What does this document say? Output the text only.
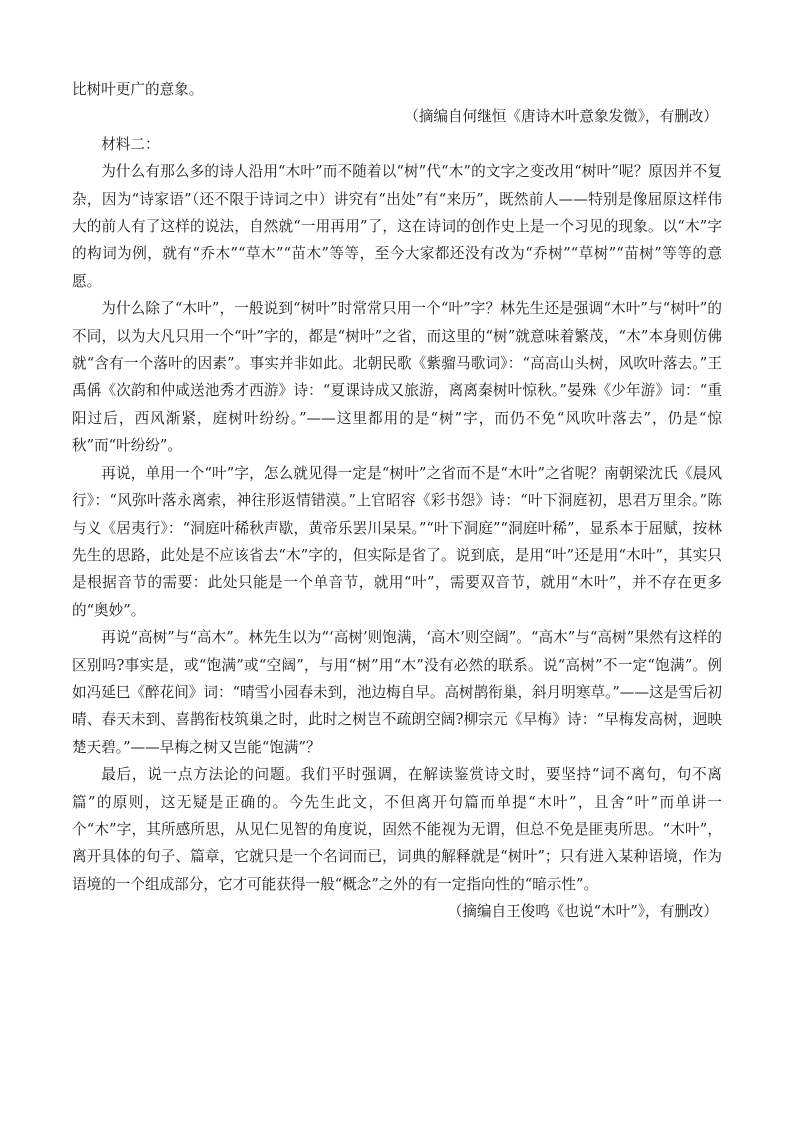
比树叶更广的意象。

（摘编自何继恒《唐诗木叶意象发微》，有删改）

材料二：

为什么有那么多的诗人沿用“木叶”而不随着以“树”代“木”的文字之变改用“树叶”呢？原因并不复杂，因为“诗家语”（还不限于诗词之中）讲究有“出处”有“来历”，既然前人——特别是像屈原这样伟大的前人有了这样的说法，自然就“一用再用”了，这在诗词的创作史上是一个习见的现象。以“木”字的构词为例，就有“乔木”“草木”“苗木”等等，至今大家都还没有改为“乔树”“草树”“苗树”等等的意愿。

为什么除了“木叶”，一般说到“树叶”时常常只用一个“叶”字？林先生还是强调“木叶”与“树叶”的不同，以为大凡只用一个“叶”字的，都是“树叶”之省，而这里的“树”就意味着繁茂，“木”本身则仿佛就“含有一个落叶的因素”。事实并非如此。北朝民歌《紫骝马歌词》：“高高山头树，风吹叶落去。”王禹偁《次韵和仲咸送池秀才西游》诗：“夏课诗成又旅游，离离秦树叶惊秋。”晏殊《少年游》词：“重阳过后，西风渐紧，庭树叶纷纷。”——这里都用的是“树”字，而仍不免“风吹叶落去”，仍是“惊秋”而“叶纷纷”。

再说，单用一个“叶”字，怎么就见得一定是“树叶”之省而不是“木叶”之省呢？南朝梁沈氏《晨风行》：“风弥叶落永离索，神往形返情错漠。”上官昭容《彩书怨》诗：“叶下洞庭初，思君万里余。”陈与义《居夷行》：“洞庭叶稀秋声歇，黄帝乐罢川杲杲。”“叶下洞庭”“洞庭叶稀”，显系本于屈赋，按林先生的思路，此处是不应该省去“木”字的，但实际是省了。说到底，是用“叶”还是用“木叶”，其实只是根据音节的需要：此处只能是一个单音节，就用“叶”，需要双音节，就用“木叶”，并不存在更多的“奥妙”。

再说“高树”与“高木”。林先生以为“‘高树’则饱满，‘高木’则空阔”。“高木”与“高树”果然有这样的区别吗?事实是，或“饱满”或“空阔”，与用“树”用“木”没有必然的联系。说“高树”不一定“饱满”。例如冯延巳《醉花间》词：“晴雪小园春未到，池边梅自早。高树鹊衔巢，斜月明寒草。”——这是雪后初晴、春天未到、喜鹊衔枝筑巢之时，此时之树岂不疏朗空阔?柳宗元《早梅》诗：“早梅发高树，迥映楚天碧。”——早梅之树又岂能“饱满”？

最后，说一点方法论的问题。我们平时强调，在解读鉴赏诗文时，要坚持“词不离句，句不离篇”的原则，这无疑是正确的。今先生此文，不但离开句篇而单提“木叶”，且舍“叶”而单讲一个“木”字，其所感所思，从见仁见智的角度说，固然不能视为无谓，但总不免是匪夷所思。“木叶”，离开具体的句子、篇章，它就只是一个名词而已，词典的解释就是“树叶”；只有进入某种语境，作为语境的一个组成部分，它才可能获得一般“概念”之外的有一定指向性的“暗示性”。

（摘编自王俊鸣《也说“木叶”》，有删改）
